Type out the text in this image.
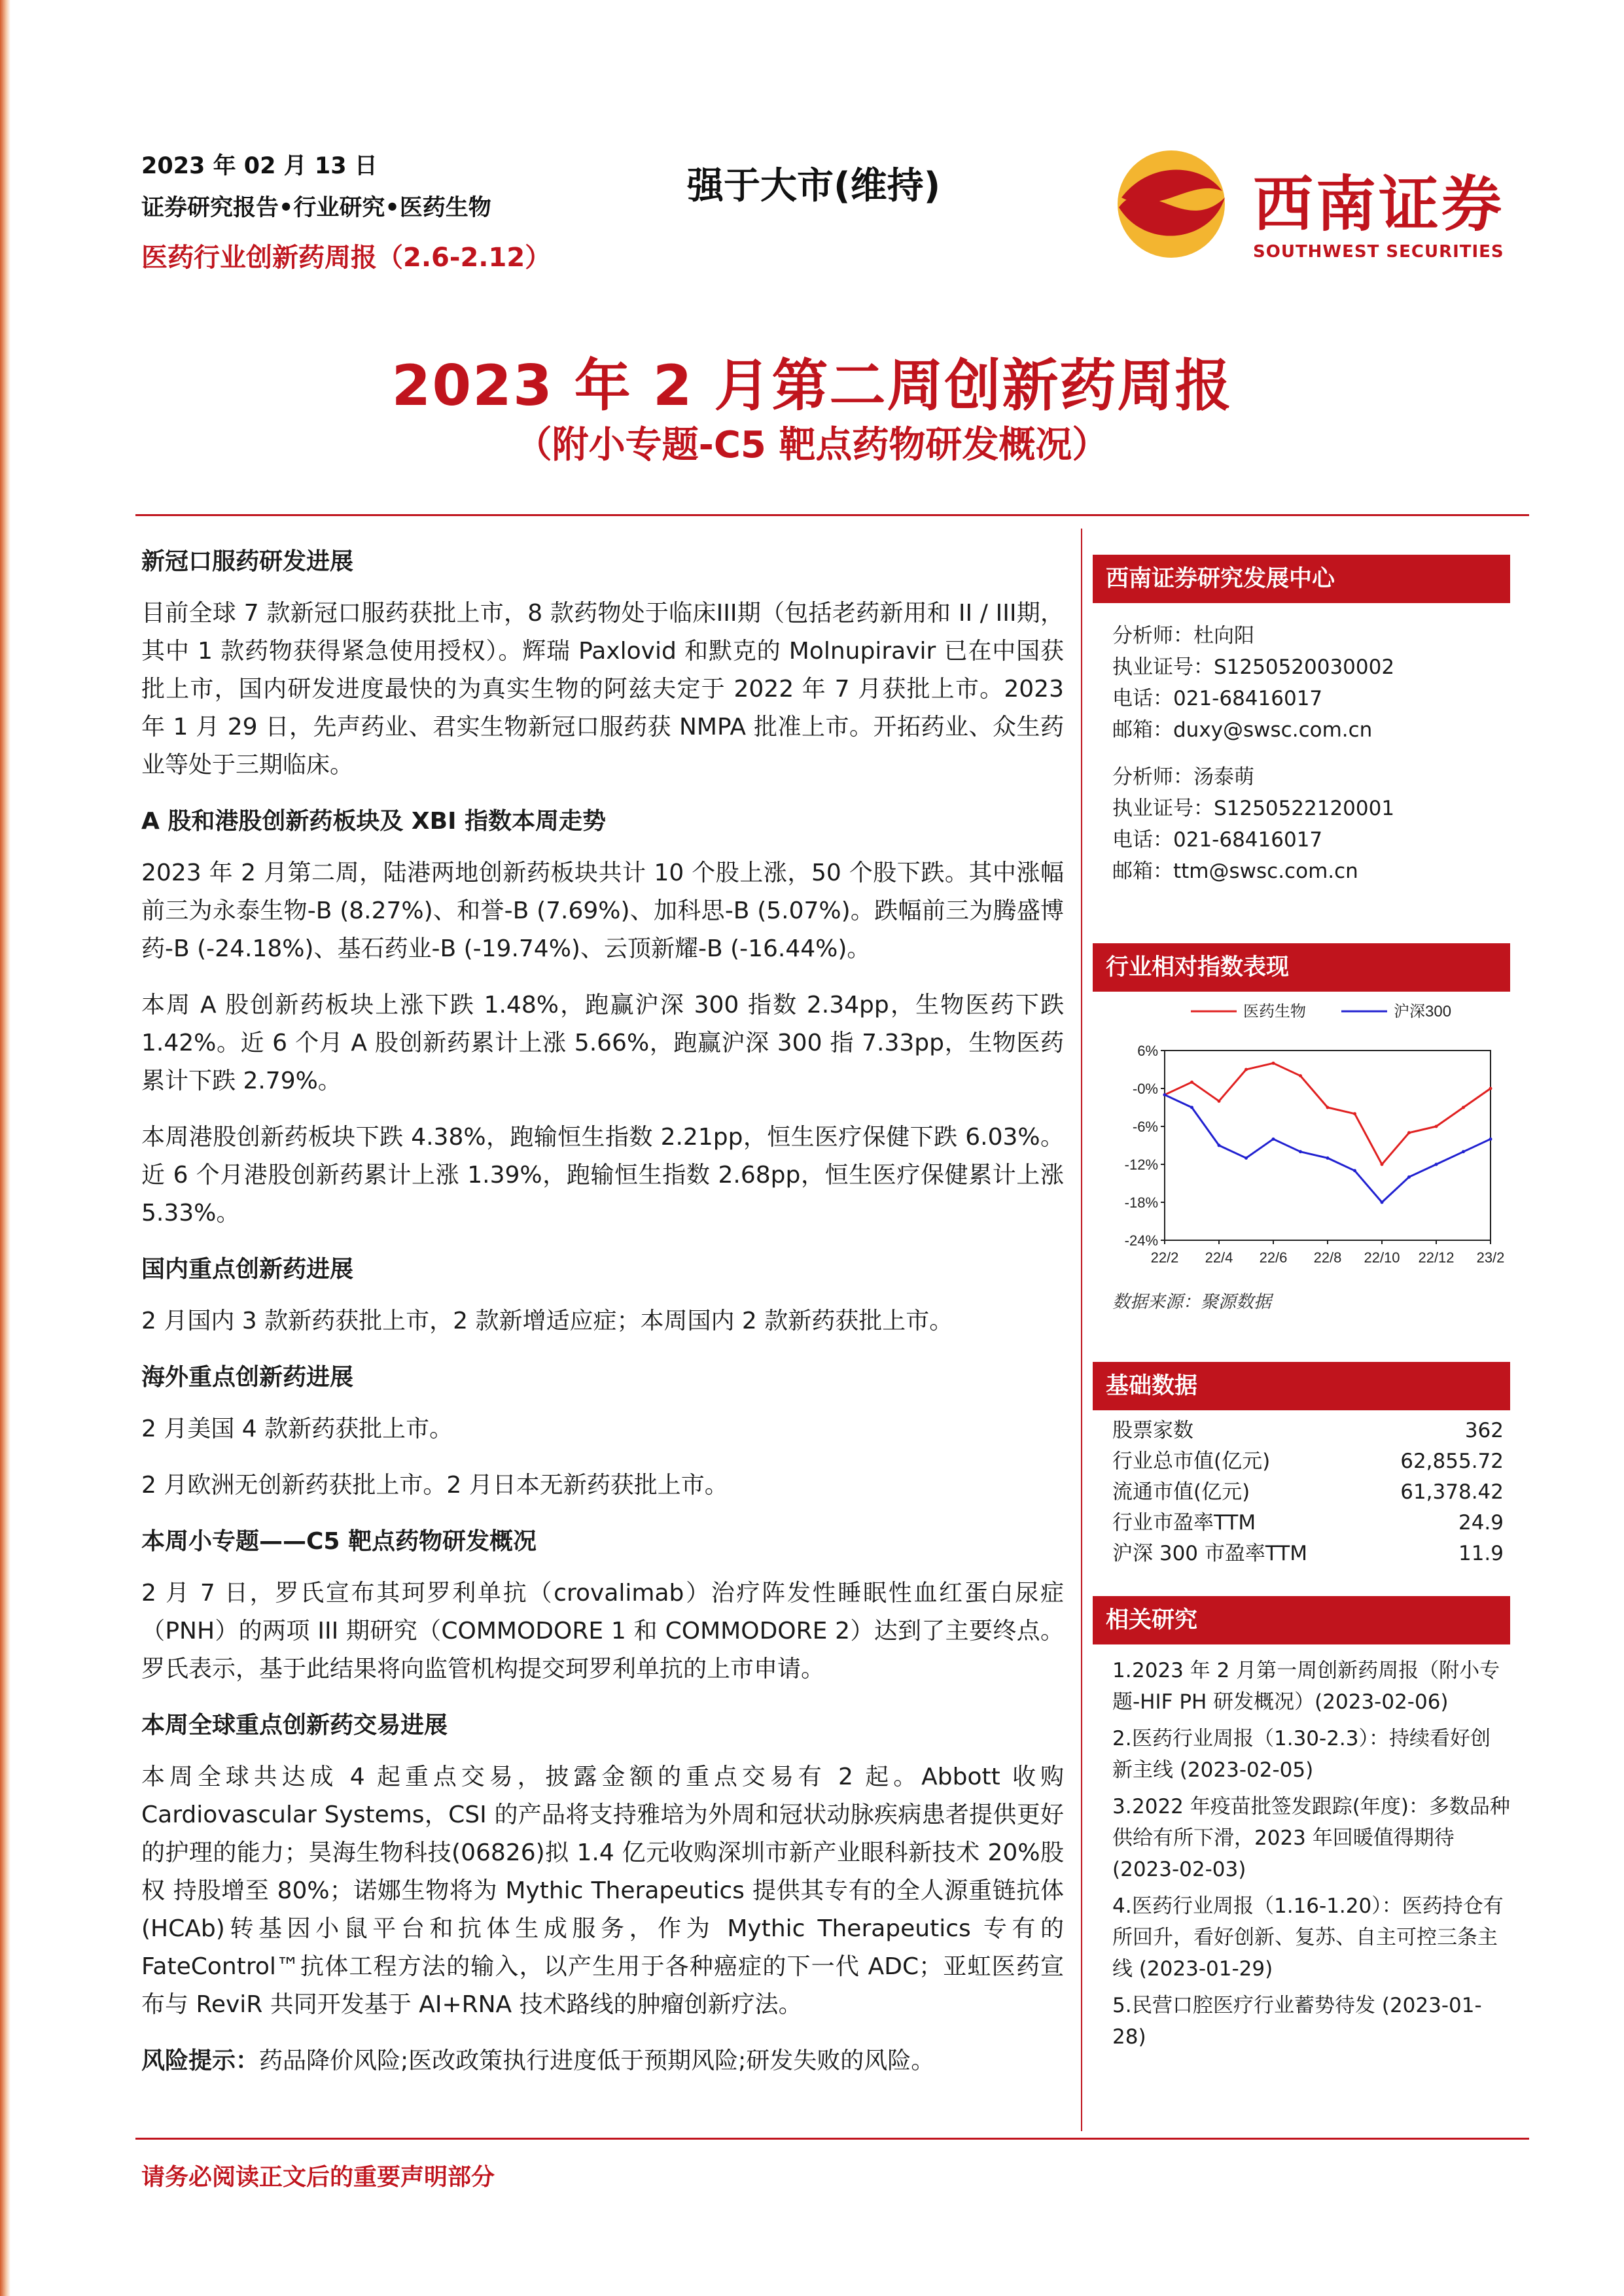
2023 年 02 月 13 日
证券研究报告•行业研究•医药生物
医药行业创新药周报（2.6-2.12）
强于大市(维持)	西南证券
SOUTHWEST SECURITIES
2023 年 2 月第二周创新药周报
（附小专题-C5 靶点药物研发概况）
新冠口服药研发进展
目前全球 7 款新冠口服药获批上市，8 款药物处于临床III期（包括老药新用和 II / III期，其中 1 款药物获得紧急使用授权）。辉瑞 Paxlovid 和默克的 Molnupiravir 已在中国获批上市，国内研发进度最快的为真实生物的阿兹夫定于 2022 年 7 月获批上市。2023 年 1 月 29 日，先声药业、君实生物新冠口服药获 NMPA 批准上市。开拓药业、众生药业等处于三期临床。
A 股和港股创新药板块及 XBI 指数本周走势
2023 年 2 月第二周，陆港两地创新药板块共计 10 个股上涨，50 个股下跌。其中涨幅前三为永泰生物-B (8.27%)、和誉-B (7.69%)、加科思-B (5.07%)。跌幅前三为腾盛博药-B (-24.18%)、基石药业-B (-19.74%)、云顶新耀-B (-16.44%)。
本周 A 股创新药板块上涨下跌 1.48%，跑赢沪深 300 指数 2.34pp，生物医药下跌 1.42%。近 6 个月 A 股创新药累计上涨 5.66%，跑赢沪深 300 指 7.33pp，生物医药累计下跌 2.79%。
本周港股创新药板块下跌 4.38%，跑输恒生指数 2.21pp，恒生医疗保健下跌 6.03%。近 6 个月港股创新药累计上涨 1.39%，跑输恒生指数 2.68pp，恒生医疗保健累计上涨 5.33%。
国内重点创新药进展
2 月国内 3 款新药获批上市，2 款新增适应症；本周国内 2 款新药获批上市。
海外重点创新药进展
2 月美国 4 款新药获批上市。
2 月欧洲无创新药获批上市。2 月日本无新药获批上市。
本周小专题——C5 靶点药物研发概况
2 月 7 日，罗氏宣布其珂罗利单抗（crovalimab）治疗阵发性睡眠性血红蛋白尿症（PNH）的两项 III 期研究（COMMODORE 1 和 COMMODORE 2）达到了主要终点。罗氏表示，基于此结果将向监管机构提交珂罗利单抗的上市申请。
本周全球重点创新药交易进展
本周全球共达成 4 起重点交易，披露金额的重点交易有 2 起。Abbott 收购 Cardiovascular Systems，CSI 的产品将支持雅培为外周和冠状动脉疾病患者提供更好的护理的能力；昊海生物科技(06826)拟 1.4 亿元收购深圳市新产业眼科新技术 20%股权 持股增至 80%；诺娜生物将为 Mythic Therapeutics 提供其专有的全人源重链抗体(HCAb)转基因小鼠平台和抗体生成服务，作为 Mythic Therapeutics 专有的 FateControl™抗体工程方法的输入，以产生用于各种癌症的下一代 ADC；亚虹医药宣布与 ReviR 共同开发基于 AI+RNA 技术路线的肿瘤创新疗法。
风险提示：药品降价风险;医改政策执行进度低于预期风险;研发失败的风险。
西南证券研究发展中心
分析师：杜向阳
执业证号：S1250520030002
电话：021-68416017
邮箱：duxy@swsc.com.cn
分析师：汤泰萌
执业证号：S1250522120001
电话：021-68416017
邮箱：ttm@swsc.com.cn
行业相对指数表现
6%
-0%
-6%
-12%
-18%
-24%
22/2 22/4 22/6 22/8 22/10 22/12 23/2
医药生物	沪深300
数据来源：聚源数据
基础数据
股票家数	362
行业总市值(亿元)	62,855.72
流通市值(亿元)	61,378.42
行业市盈率TTM	24.9
沪深 300 市盈率TTM	11.9
相关研究
1.2023 年 2 月第一周创新药周报（附小专题-HIF PH 研发概况）(2023-02-06)
2.医药行业周报（1.30-2.3）：持续看好创新主线 (2023-02-05)
3.2022 年疫苗批签发跟踪(年度)：多数品种供给有所下滑，2023 年回暖值得期待 (2023-02-03)
4.医药行业周报（1.16-1.20）：医药持仓有所回升，看好创新、复苏、自主可控三条主线 (2023-01-29)
5.民营口腔医疗行业蓄势待发 (2023-01-28)
请务必阅读正文后的重要声明部分
